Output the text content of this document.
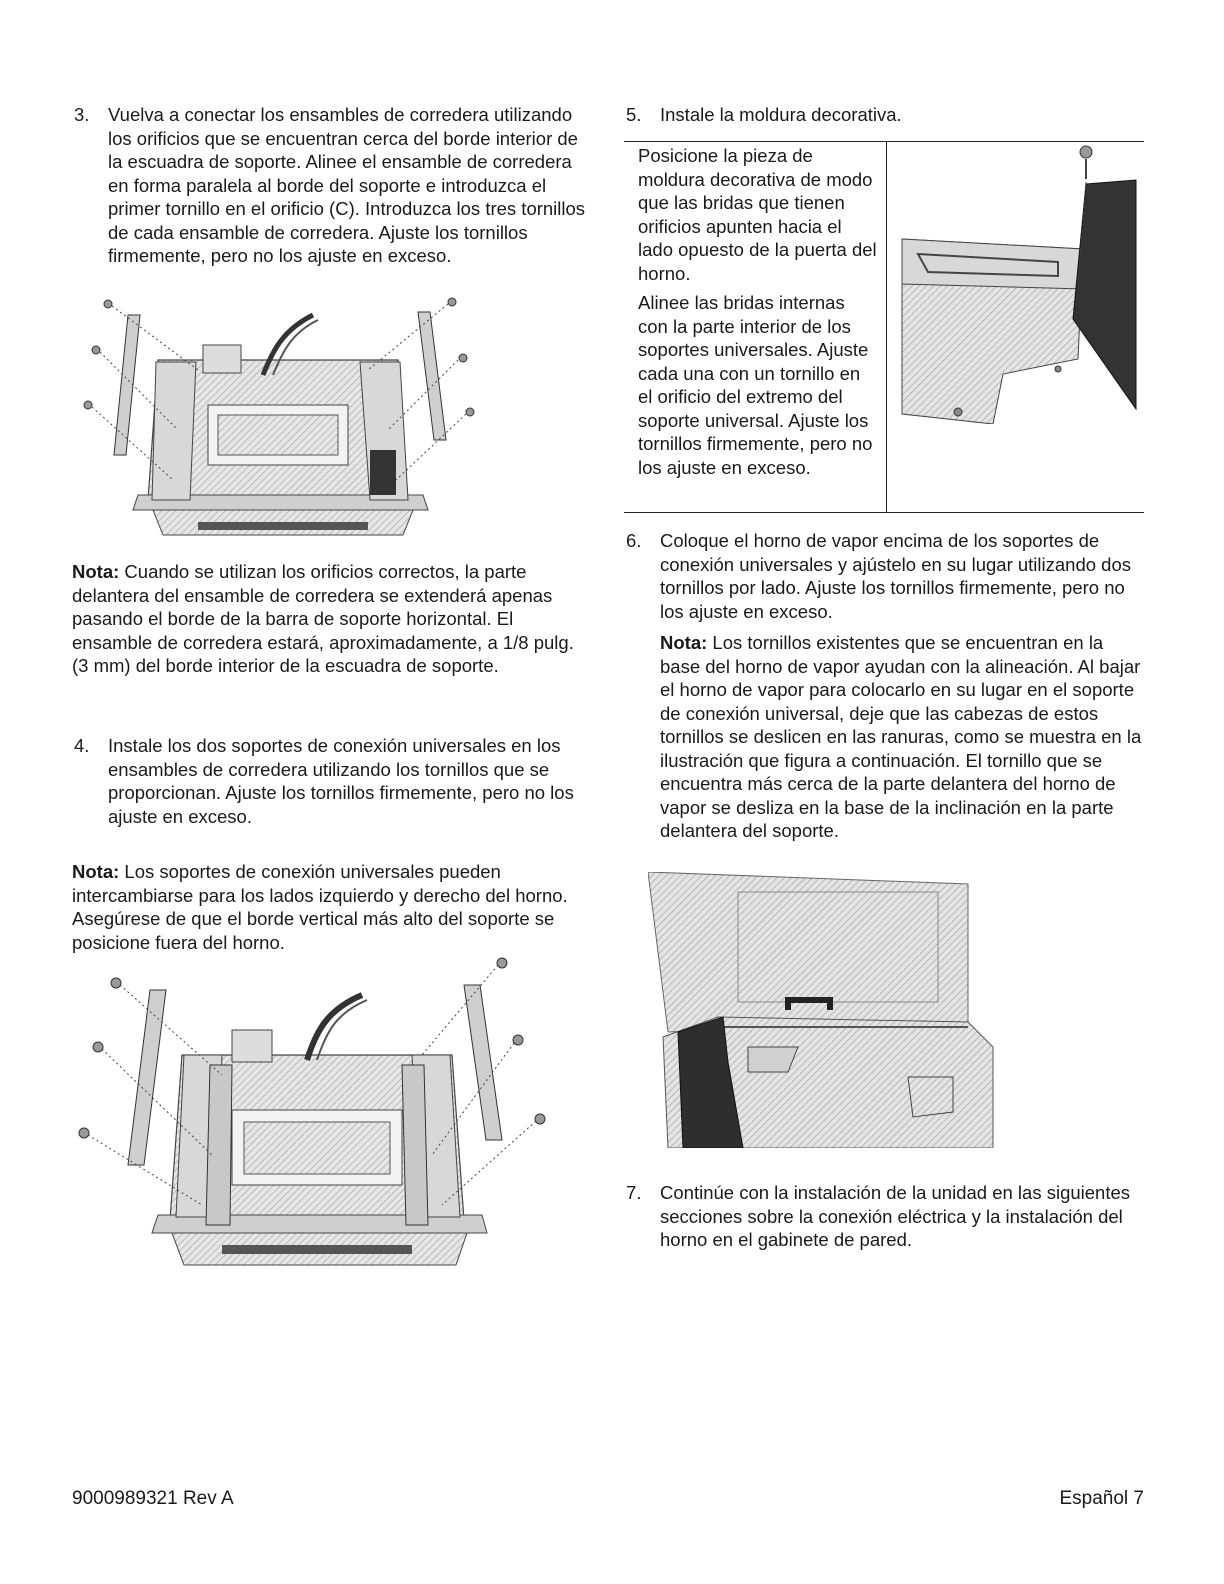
3. Vuelva a conectar los ensambles de corredera utilizando los orificios que se encuentran cerca del borde interior de la escuadra de soporte. Alinee el ensamble de corredera en forma paralela al borde del soporte e introduzca el primer tornillo en el orificio (C). Introduzca los tres tornillos de cada ensamble de corredera. Ajuste los tornillos firmemente, pero no los ajuste en exceso.
Nota: Cuando se utilizan los orificios correctos, la parte delantera del ensamble de corredera se extenderá apenas pasando el borde de la barra de soporte horizontal. El ensamble de corredera estará, aproximadamente, a 1/8 pulg. (3 mm) del borde interior de la escuadra de soporte.
4. Instale los dos soportes de conexión universales en los ensambles de corredera utilizando los tornillos que se proporcionan. Ajuste los tornillos firmemente, pero no los ajuste en exceso.
Nota: Los soportes de conexión universales pueden intercambiarse para los lados izquierdo y derecho del horno. Asegúrese de que el borde vertical más alto del soporte se posicione fuera del horno.
5. Instale la moldura decorativa.
Posicione la pieza de moldura decorativa de modo que las bridas que tienen orificios apunten hacia el lado opuesto de la puerta del horno.
Alinee las bridas internas con la parte interior de los soportes universales. Ajuste cada una con un tornillo en el orificio del extremo del soporte universal. Ajuste los tornillos firmemente, pero no los ajuste en exceso.
6. Coloque el horno de vapor encima de los soportes de conexión universales y ajústelo en su lugar utilizando dos tornillos por lado. Ajuste los tornillos firmemente, pero no los ajuste en exceso.
Nota: Los tornillos existentes que se encuentran en la base del horno de vapor ayudan con la alineación. Al bajar el horno de vapor para colocarlo en su lugar en el soporte de conexión universal, deje que las cabezas de estos tornillos se deslicen en las ranuras, como se muestra en la ilustración que figura a continuación. El tornillo que se encuentra más cerca de la parte delantera del horno de vapor se desliza en la base de la inclinación en la parte delantera del soporte.
7. Continúe con la instalación de la unidad en las siguientes secciones sobre la conexión eléctrica y la instalación del horno en el gabinete de pared.
9000989321 Rev A	Español 7
